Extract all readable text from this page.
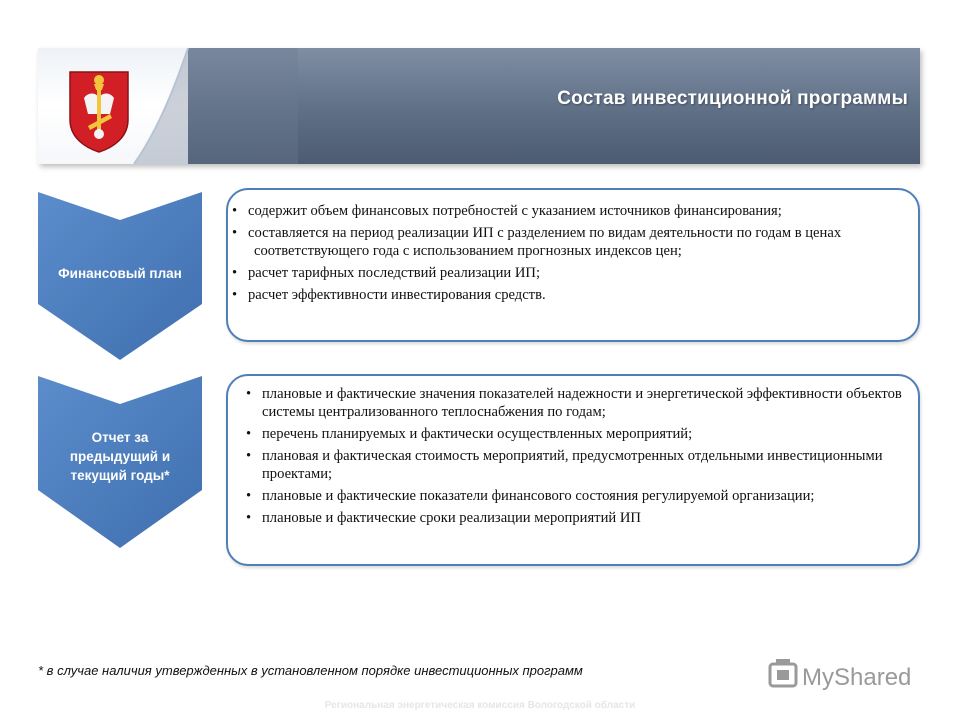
Состав инвестиционной программы
Финансовый план
Отчет за
предыдущий и
текущий годы*
• содержит объем финансовых потребностей с указанием источников финансирования;
• составляется на период реализации ИП с разделением по видам деятельности по годам в ценах соответствующего года с использованием прогнозных индексов цен;
• расчет тарифных последствий реализации ИП;
• расчет эффективности инвестирования средств.
• плановые и фактические значения показателей надежности и энергетической эффективности объектов системы централизованного теплоснабжения по годам;
• перечень планируемых и фактически осуществленных мероприятий;
• плановая и фактическая стоимость мероприятий, предусмотренных отдельными инвестиционными проектами;
• плановые и фактические показатели финансового состояния регулируемой организации;
• плановые и фактические сроки реализации мероприятий ИП
* в случае наличия утвержденных в установленном порядке инвестиционных программ	MyShared
Региональная энергетическая комиссия Вологодской области
